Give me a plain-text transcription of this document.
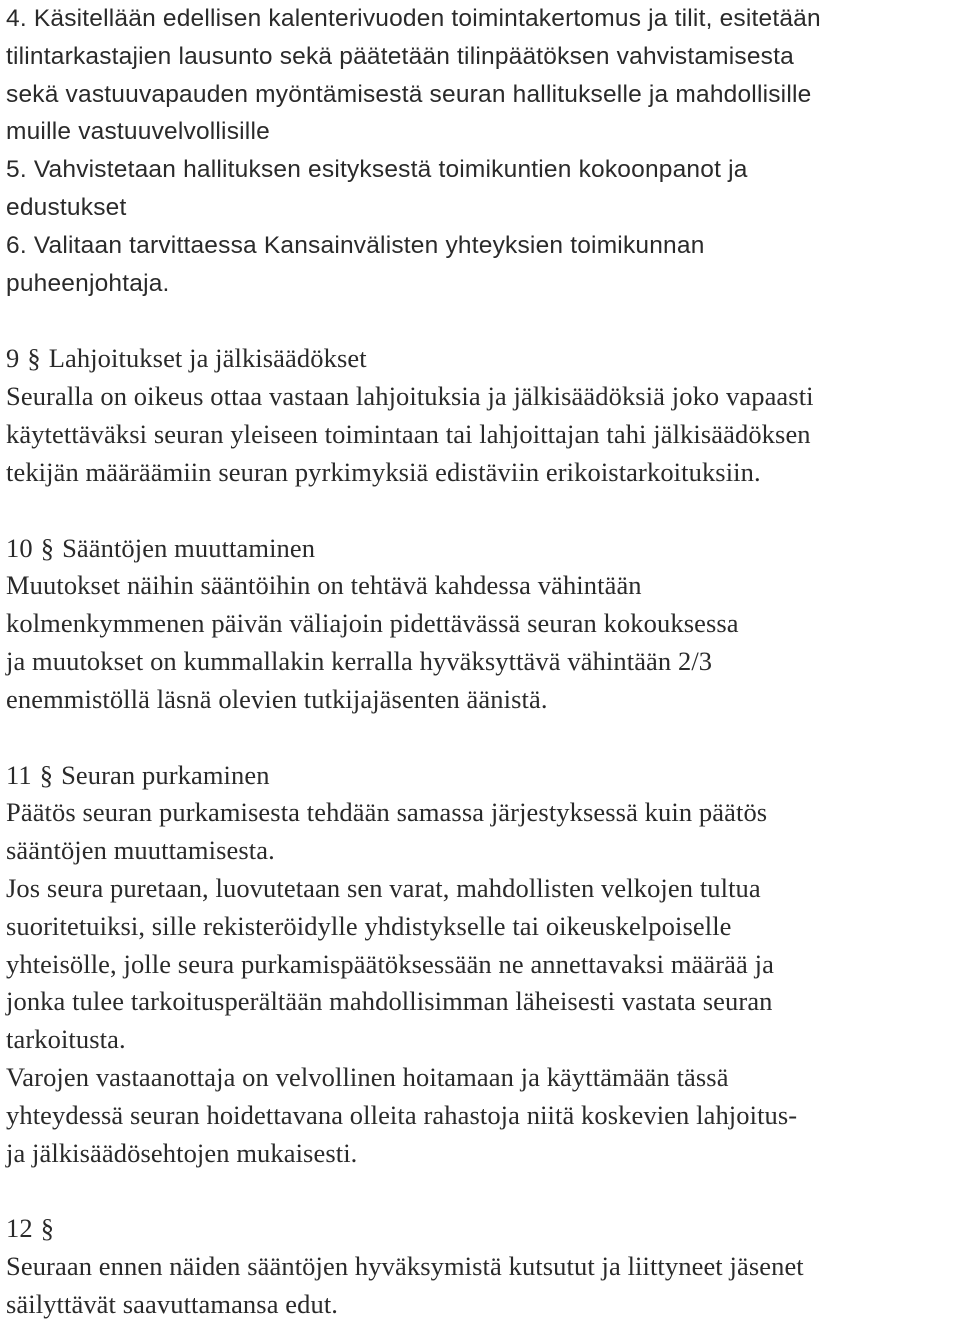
4. Käsitellään edellisen kalenterivuoden toimintakertomus ja tilit, esitetään
tilintarkastajien lausunto sekä päätetään tilinpäätöksen vahvistamisesta
sekä vastuuvapauden myöntämisestä seuran hallitukselle ja mahdollisille
muille vastuuvelvollisille
5. Vahvistetaan hallituksen esityksestä toimikuntien kokoonpanot ja
edustukset
6. Valitaan tarvittaessa Kansainvälisten yhteyksien toimikunnan
puheenjohtaja.
9 § Lahjoitukset ja jälkisäädökset
Seuralla on oikeus ottaa vastaan lahjoituksia ja jälkisäädöksiä joko vapaasti
käytettäväksi seuran yleiseen toimintaan tai lahjoittajan tahi jälkisäädöksen
tekijän määräämiin seuran pyrkimyksiä edistäviin erikoistarkoituksiin.
10 § Sääntöjen muuttaminen
Muutokset näihin sääntöihin on tehtävä kahdessa vähintään
kolmenkymmenen päivän väliajoin pidettävässä seuran kokouksessa
ja muutokset on kummallakin kerralla hyväksyttävä vähintään 2/3
enemmistöllä läsnä olevien tutkijajäsenten äänistä.
11 § Seuran purkaminen
Päätös seuran purkamisesta tehdään samassa järjestyksessä kuin päätös
sääntöjen muuttamisesta.
Jos seura puretaan, luovutetaan sen varat, mahdollisten velkojen tultua
suoritetuiksi, sille rekisteröidylle yhdistykselle tai oikeuskelpoiselle
yhteisölle, jolle seura purkamispäätöksessään ne annettavaksi määrää ja
jonka tulee tarkoitusperältään mahdollisimman läheisesti vastata seuran
tarkoitusta.
Varojen vastaanottaja on velvollinen hoitamaan ja käyttämään tässä
yhteydessä seuran hoidettavana olleita rahastoja niitä koskevien lahjoitus-
ja jälkisäädösehtojen mukaisesti.
12 §
Seuraan ennen näiden sääntöjen hyväksymistä kutsutut ja liittyneet jäsenet
säilyttävät saavuttamansa edut.
